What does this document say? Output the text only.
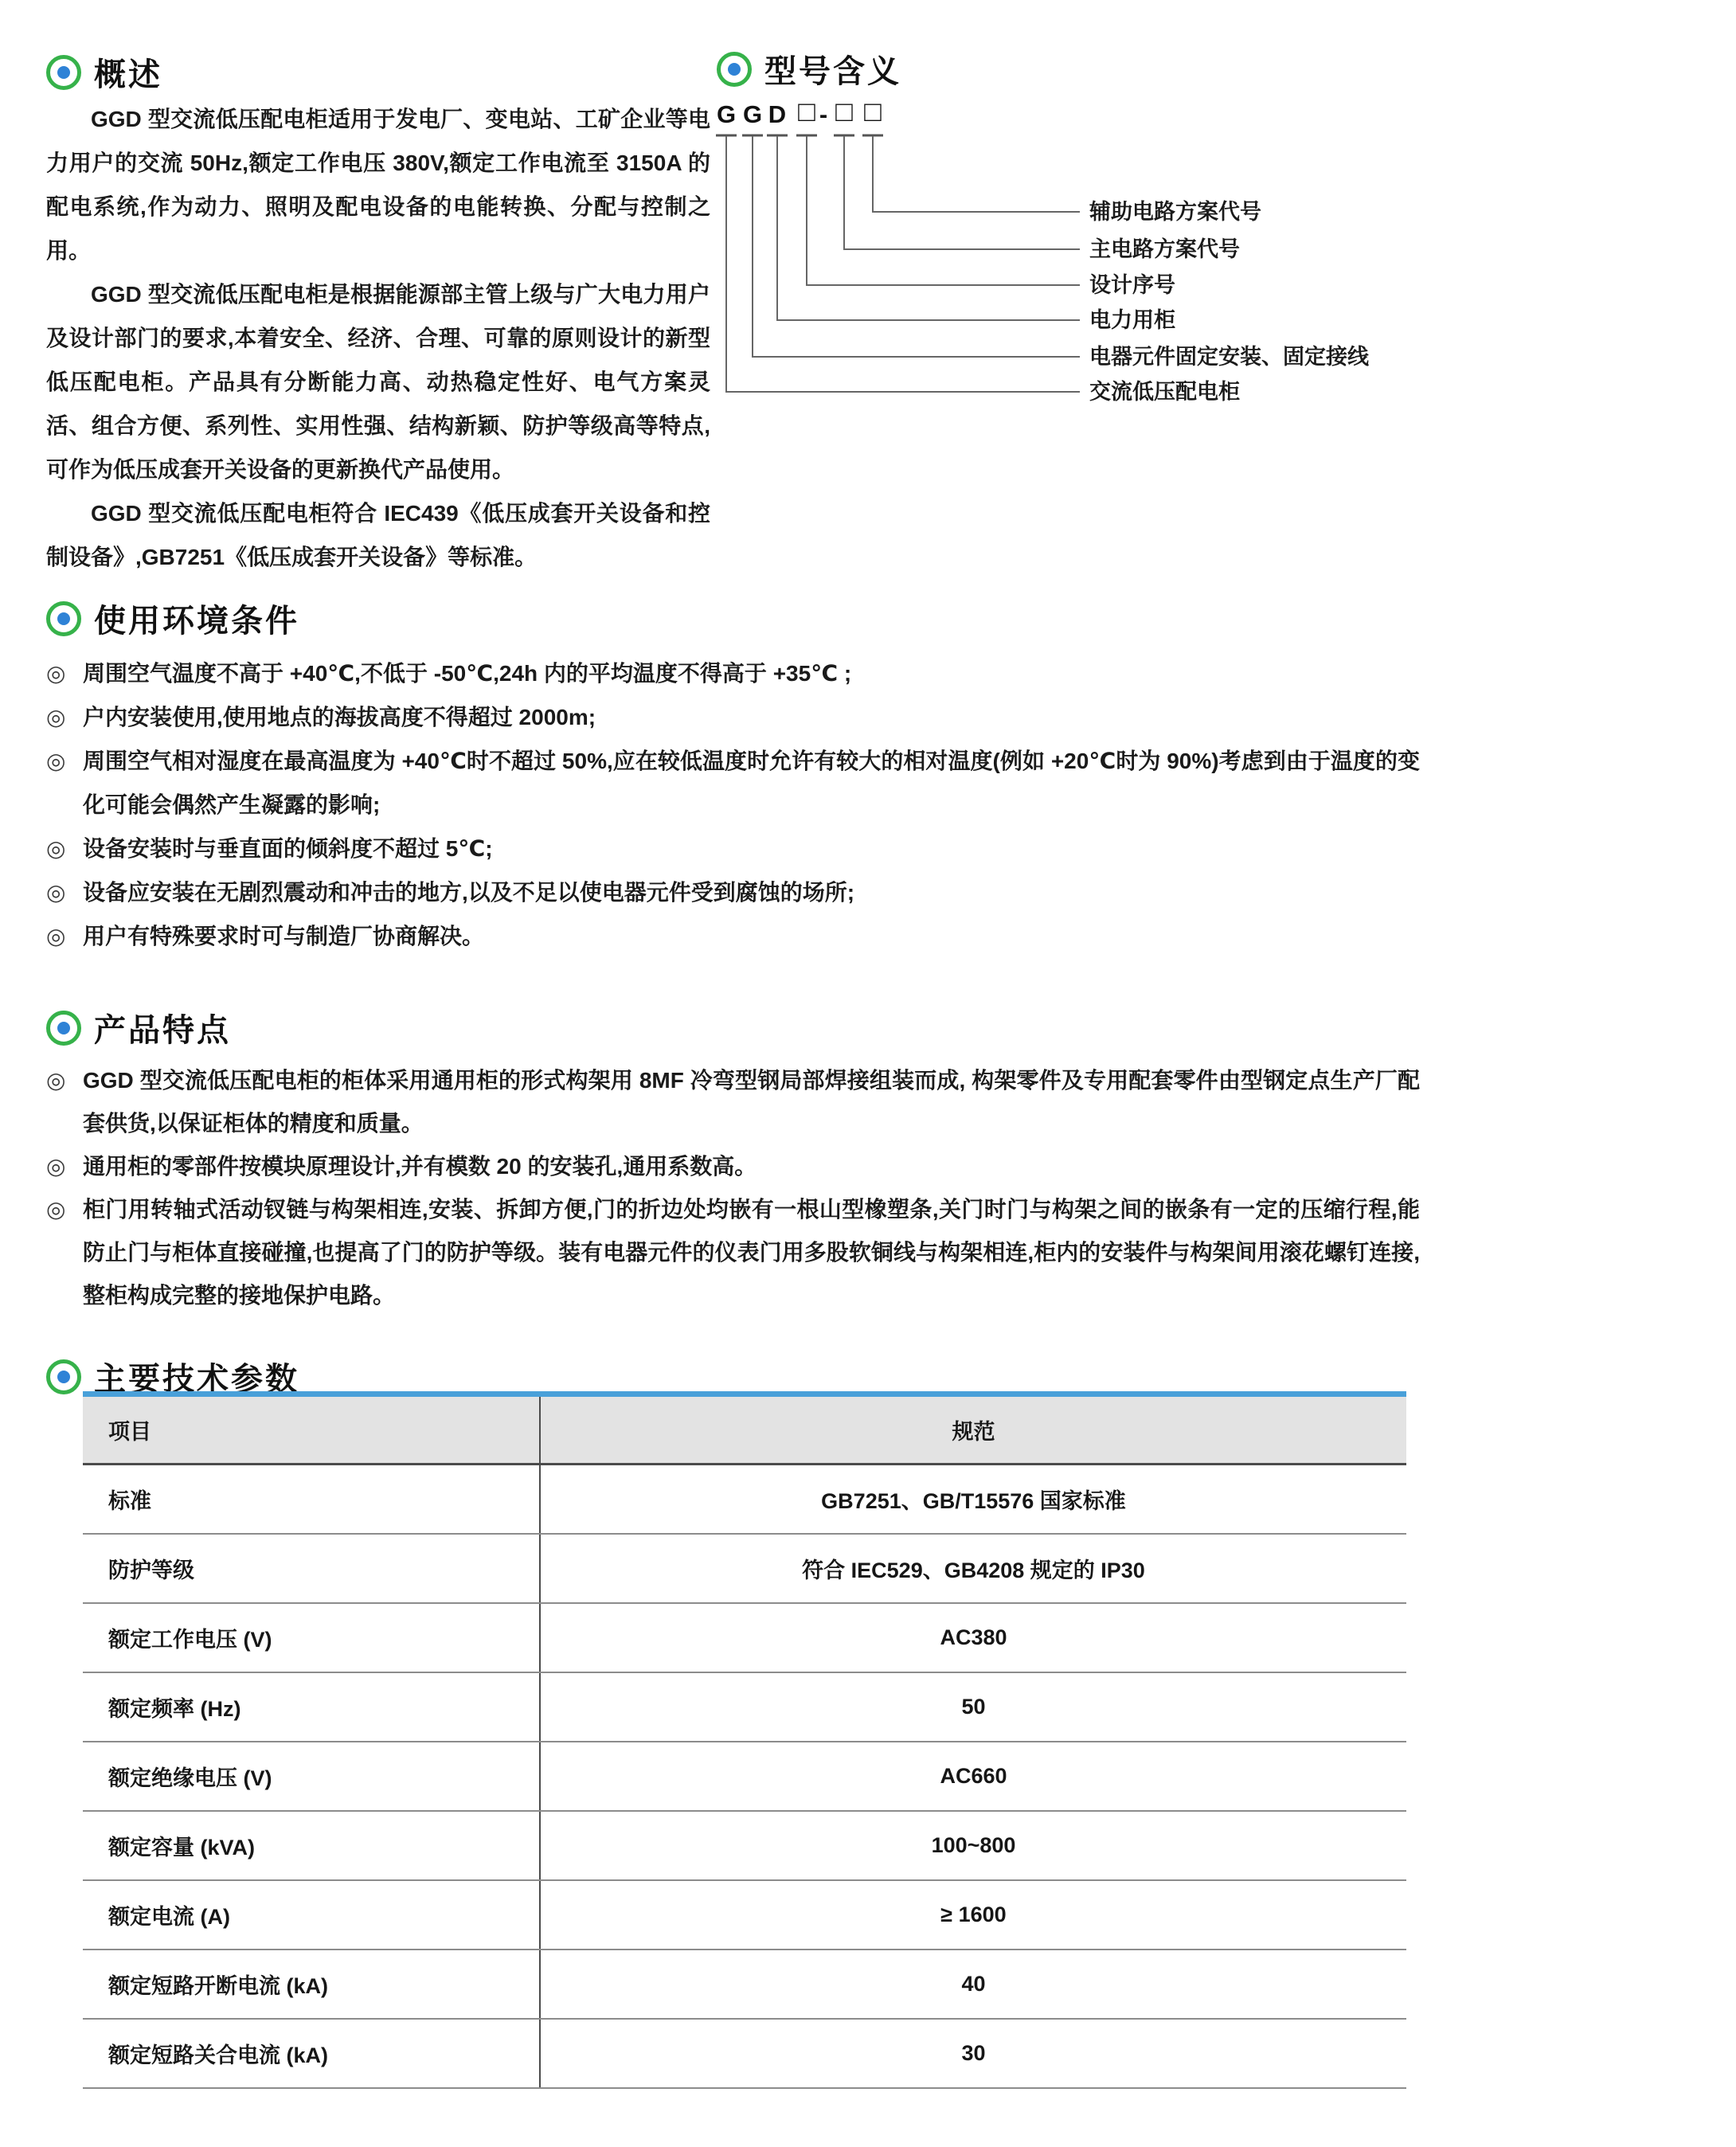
概述

GGD 型交流低压配电柜适用于发电厂、变电站、工矿企业等电力用户的交流 50Hz,额定工作电压 380V,额定工作电流至 3150A 的配电系统,作为动力、照明及配电设备的电能转换、分配与控制之用。

GGD 型交流低压配电柜是根据能源部主管上级与广大电力用户及设计部门的要求,本着安全、经济、合理、可靠的原则设计的新型低压配电柜。产品具有分断能力高、动热稳定性好、电气方案灵活、组合方便、系列性、实用性强、结构新颖、防护等级高等特点,可作为低压成套开关设备的更新换代产品使用。

GGD 型交流低压配电柜符合 IEC439《低压成套开关设备和控制设备》,GB7251《低压成套开关设备》等标准。

型号含义
G G D □ - □ □
辅助电路方案代号
主电路方案代号
设计序号
电力用柜
电器元件固定安装、固定接线
交流低压配电柜
使用环境条件
◎ 周围空气温度不高于 +40℃,不低于 -50℃,24h 内的平均温度不得高于 +35℃ ;
◎ 户内安装使用,使用地点的海拔高度不得超过 2000m;
◎ 周围空气相对湿度在最高温度为 +40℃时不超过 50%,应在较低温度时允许有较大的相对温度(例如 +20℃时为 90%)考虑到由于温度的变化可能会偶然产生凝露的影响;
◎ 设备安装时与垂直面的倾斜度不超过 5℃;
◎ 设备应安装在无剧烈震动和冲击的地方,以及不足以使电器元件受到腐蚀的场所;
◎ 用户有特殊要求时可与制造厂协商解决。
产品特点
◎ GGD 型交流低压配电柜的柜体采用通用柜的形式构架用 8MF 冷弯型钢局部焊接组装而成, 构架零件及专用配套零件由型钢定点生产厂配套供货,以保证柜体的精度和质量。
◎ 通用柜的零部件按模块原理设计,并有模数 20 的安装孔,通用系数高。
◎ 柜门用转轴式活动钗链与构架相连,安装、拆卸方便,门的折边处均嵌有一根山型橡塑条,关门时门与构架之间的嵌条有一定的压缩行程,能防止门与柜体直接碰撞,也提高了门的防护等级。装有电器元件的仪表门用多股软铜线与构架相连,柜内的安装件与构架间用滚花螺钉连接,整柜构成完整的接地保护电路。
主要技术参数
项目	规范
标准	GB7251、GB/T15576 国家标准
防护等级	符合 IEC529、GB4208 规定的 IP30
额定工作电压 (V)	AC380
额定频率 (Hz)	50
额定绝缘电压 (V)	AC660
额定容量 (kVA)	100~800
额定电流 (A)	≥ 1600
额定短路开断电流 (kA)	40
额定短路关合电流 (kA)	30
